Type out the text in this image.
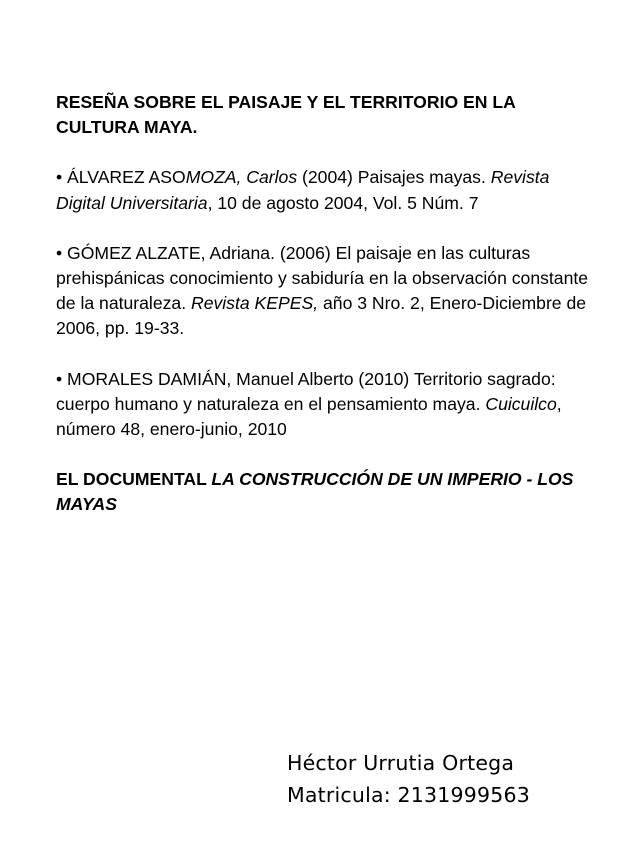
RESEÑA SOBRE EL PAISAJE Y EL TERRITORIO EN LA CULTURA MAYA.

• ÁLVAREZ ASOMOZA, Carlos (2004) Paisajes mayas. Revista Digital Universitaria, 10 de agosto 2004, Vol. 5 Núm. 7

• GÓMEZ ALZATE, Adriana. (2006) El paisaje en las culturas prehispánicas conocimiento y sabiduría en la observación constante de la naturaleza. Revista KEPES, año 3 Nro. 2, Enero-Diciembre de 2006, pp. 19-33.

• MORALES DAMIÁN, Manuel Alberto (2010) Territorio sagrado: cuerpo humano y naturaleza en el pensamiento maya. Cuicuilco, número 48, enero-junio, 2010

EL DOCUMENTAL LA CONSTRUCCIÓN DE UN IMPERIO - LOS MAYAS

Héctor Urrutia Ortega

Matricula: 2131999563
